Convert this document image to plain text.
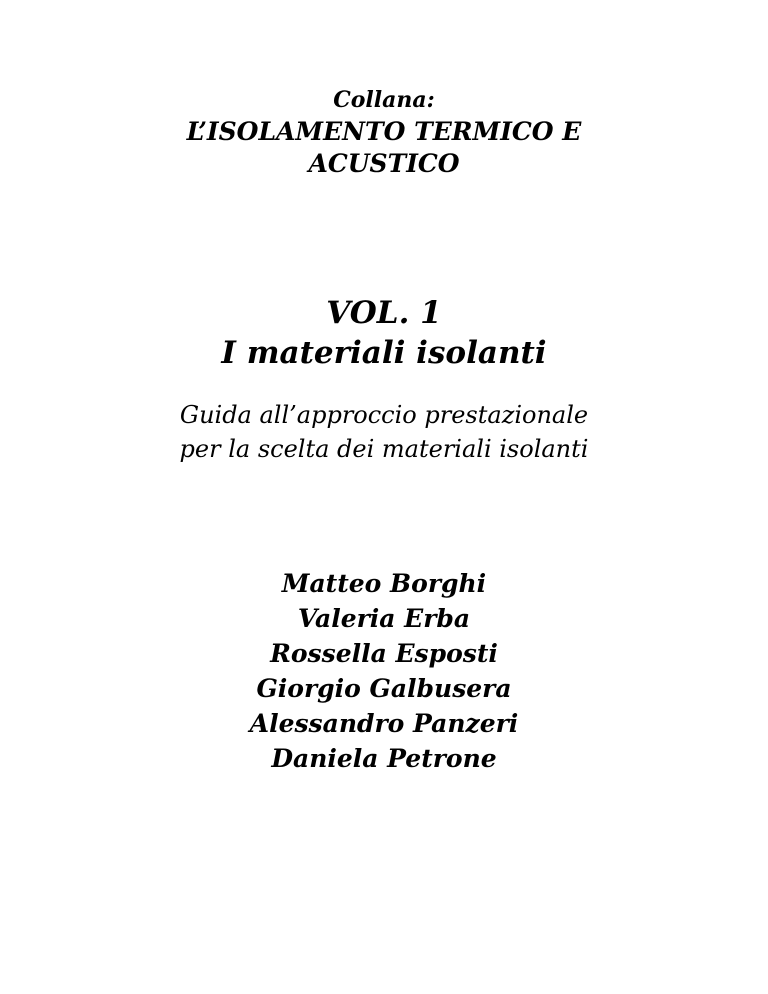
Collana:
L’ISOLAMENTO TERMICO E
ACUSTICO
VOL. 1
I materiali isolanti
Guida all’approccio prestazionale
per la scelta dei materiali isolanti
Matteo Borghi
Valeria Erba
Rossella Esposti
Giorgio Galbusera
Alessandro Panzeri
Daniela Petrone
